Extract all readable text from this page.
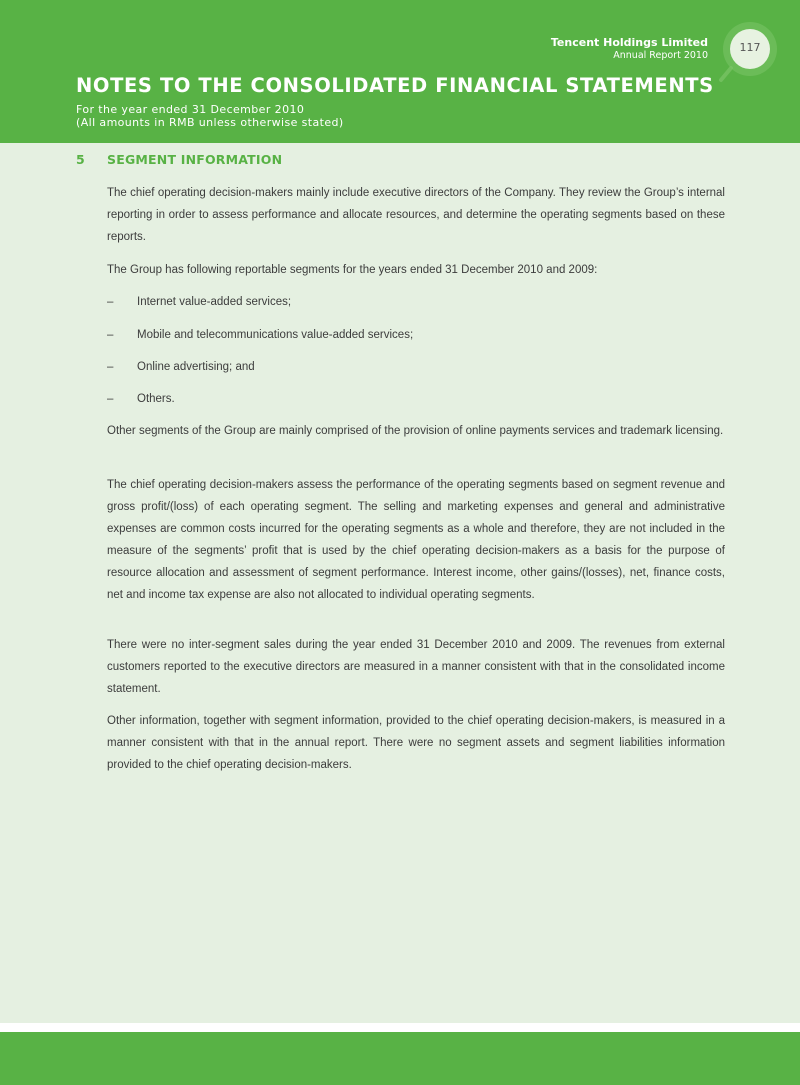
Tencent Holdings Limited
Annual Report 2010
117
NOTES TO THE CONSOLIDATED FINANCIAL STATEMENTS
For the year ended 31 December 2010
(All amounts in RMB unless otherwise stated)
5 SEGMENT INFORMATION

The chief operating decision-makers mainly include executive directors of the Company. They review the Group’s internal reporting in order to assess performance and allocate resources, and determine the operating segments based on these reports.

The Group has following reportable segments for the years ended 31 December 2010 and 2009:

– Internet value-added services;
– Mobile and telecommunications value-added services;
– Online advertising; and
– Others.

Other segments of the Group are mainly comprised of the provision of online payments services and trademark licensing.

The chief operating decision-makers assess the performance of the operating segments based on segment revenue and gross profit/(loss) of each operating segment. The selling and marketing expenses and general and administrative expenses are common costs incurred for the operating segments as a whole and therefore, they are not included in the measure of the segments’ profit that is used by the chief operating decision-makers as a basis for the purpose of resource allocation and assessment of segment performance. Interest income, other gains/(losses), net, finance costs, net and income tax expense are also not allocated to individual operating segments.

There were no inter-segment sales during the year ended 31 December 2010 and 2009. The revenues from external customers reported to the executive directors are measured in a manner consistent with that in the consolidated income statement.

Other information, together with segment information, provided to the chief operating decision-makers, is measured in a manner consistent with that in the annual report. There were no segment assets and segment liabilities information provided to the chief operating decision-makers.
